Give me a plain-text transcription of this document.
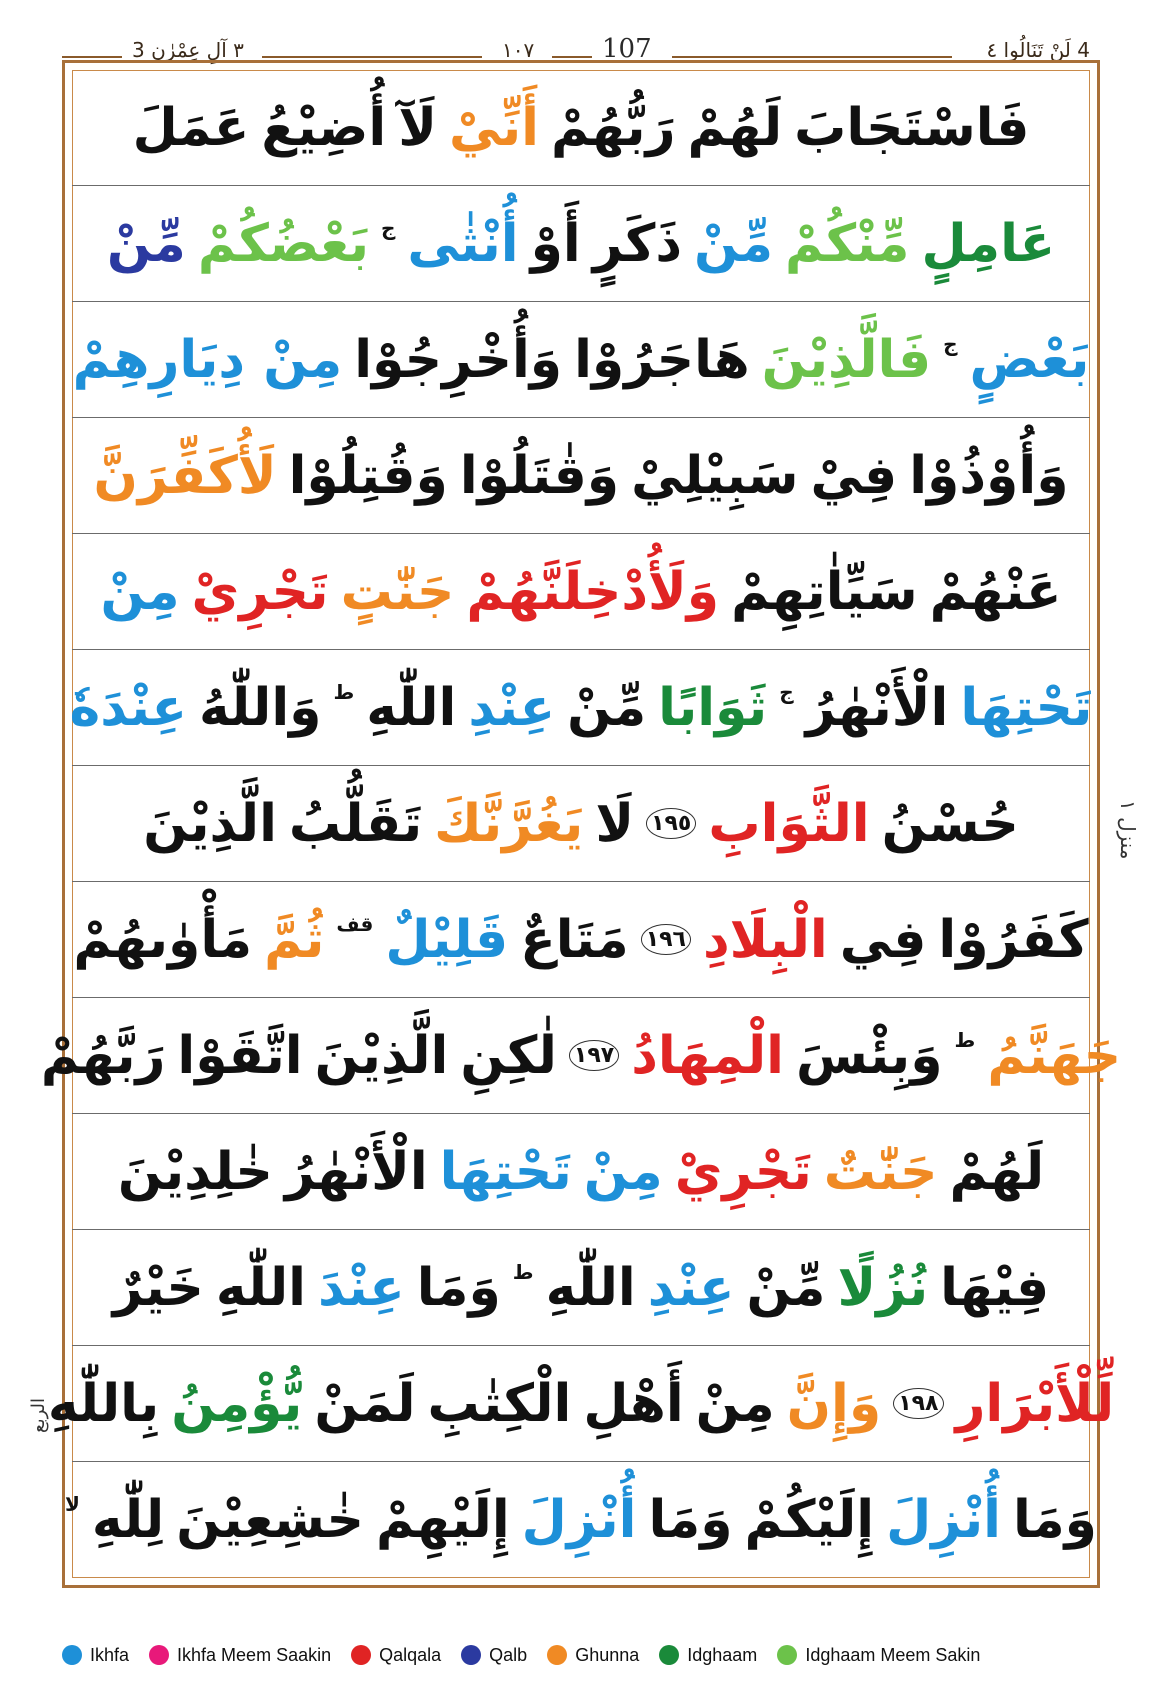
٣ آلِ عِمْرٰن 3	١٠٧	107	4 لَنْ تَنَالُوا ٤
فَاسْتَجَابَ
لَهُمْ
رَبُّهُمْ
أَنِّيْ
لَآ
أُضِيْعُ
عَمَلَ
عَامِلٍ
مِّنْكُمْ
مِّنْ
ذَكَرٍ
أَوْ
أُنْثٰى
ج
بَعْضُكُمْ
مِّنْ
بَعْضٍ
ج
فَالَّذِيْنَ
هَاجَرُوْا
وَأُخْرِجُوْا
مِنْ دِيَارِهِمْ
وَأُوْذُوْا
فِيْ
سَبِيْلِيْ
وَقٰتَلُوْا
وَقُتِلُوْا
لَأُكَفِّرَنَّ
عَنْهُمْ
سَيِّاٰتِهِمْ
وَلَأُدْخِلَنَّهُمْ
جَنّٰتٍ
تَجْرِيْ
مِنْ
تَحْتِهَا
الْأَنْهٰرُ
ج
ثَوَابًا
مِّنْ
عِنْدِ
اللّٰهِ
ط
وَاللّٰهُ
عِنْدَهٗ
حُسْنُ
الثَّوَابِ
١٩٥
لَا
يَغُرَّنَّكَ
تَقَلُّبُ
الَّذِيْنَ
كَفَرُوْا
فِي
الْبِلَادِ
١٩٦
مَتَاعٌ
قَلِيْلٌ
قف
ثُمَّ
مَأْوٰىهُمْ
جَهَنَّمُ
ط
وَبِئْسَ
الْمِهَادُ
١٩٧
لٰكِنِ
الَّذِيْنَ
اتَّقَوْا
رَبَّهُمْ
لَهُمْ
جَنّٰتٌ
تَجْرِيْ
مِنْ
تَحْتِهَا
الْأَنْهٰرُ
خٰلِدِيْنَ
فِيْهَا
نُزُلًا
مِّنْ
عِنْدِ
اللّٰهِ
ط
وَمَا
عِنْدَ
اللّٰهِ
خَيْرٌ
لِّلْأَبْرَارِ
١٩٨
وَإِنَّ
مِنْ
أَهْلِ
الْكِتٰبِ
لَمَنْ
يُّؤْمِنُ
بِاللّٰهِ
وَمَا
أُنْزِلَ
إِلَيْكُمْ
وَمَا
أُنْزِلَ
إِلَيْهِمْ
خٰشِعِيْنَ
لِلّٰهِ
لا
منزل ١
الربع
Ikhfa	Ikhfa Meem Saakin	Qalqala	Qalb	Ghunna	Idghaam	Idghaam Meem Sakin
